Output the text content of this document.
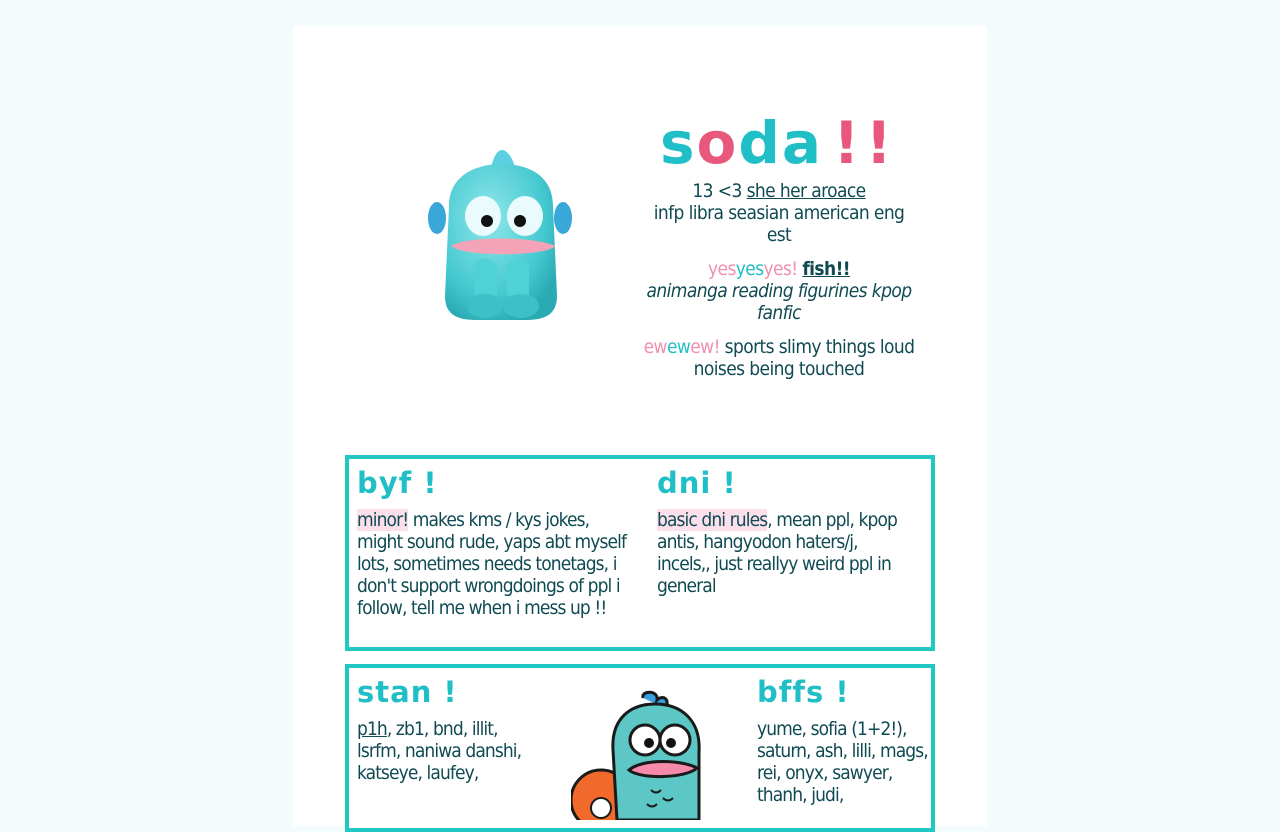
soda !!

13 <3 she her aroace
infp libra seasian american eng est

yesyesyes! fish!!
animanga reading figurines kpop fanfic

ewewew! sports slimy things loud noises being touched

byf !

minor! makes kms / kys jokes, might sound rude, yaps abt myself lots, sometimes needs tonetags, i don't support wrongdoings of ppl i follow, tell me when i mess up !!

dni !

basic dni rules, mean ppl, kpop antis, hangyodon haters/j, incels,, just reallyy weird ppl in general

stan !

p1h, zb1, bnd, illit, lsrfm, naniwa danshi, katseye, laufey,

bffs !

yume, sofia (1+2!), saturn, ash, lilli, mags, rei, onyx, sawyer, thanh, judi,
